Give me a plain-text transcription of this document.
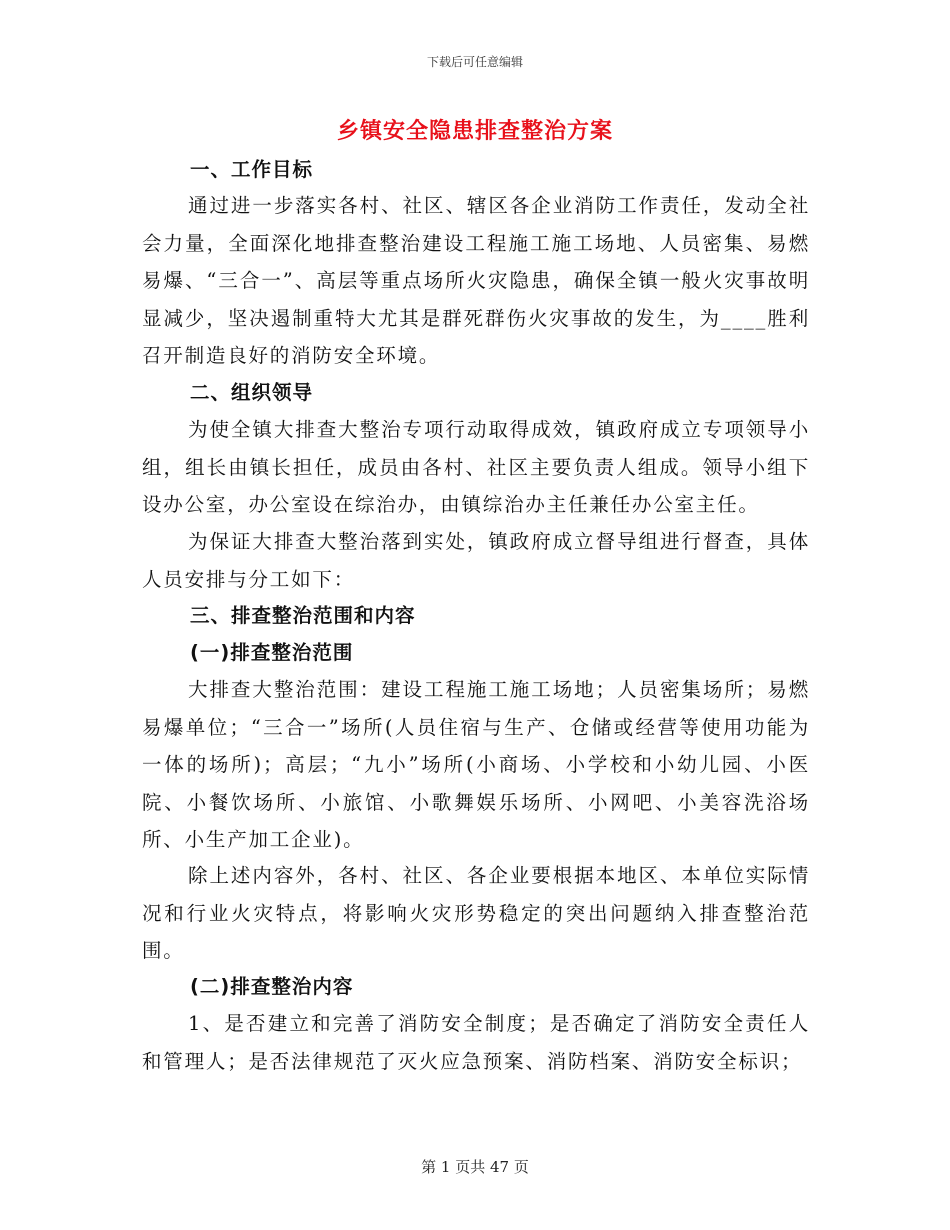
下载后可任意编辑
乡镇安全隐患排查整治方案
一、工作目标
通过进一步落实各村、社区、辖区各企业消防工作责任，发动全社会力量，全面深化地排查整治建设工程施工施工场地、人员密集、易燃易爆、“三合一”、高层等重点场所火灾隐患，确保全镇一般火灾事故明显减少，坚决遏制重特大尤其是群死群伤火灾事故的发生，为____胜利召开制造良好的消防安全环境。
二、组织领导
为使全镇大排查大整治专项行动取得成效，镇政府成立专项领导小组，组长由镇长担任，成员由各村、社区主要负责人组成。领导小组下设办公室，办公室设在综治办，由镇综治办主任兼任办公室主任。
为保证大排查大整治落到实处，镇政府成立督导组进行督查，具体人员安排与分工如下：
三、排查整治范围和内容
(一)排查整治范围
大排查大整治范围：建设工程施工施工场地；人员密集场所；易燃易爆单位；“三合一”场所(人员住宿与生产、仓储或经营等使用功能为一体的场所)；高层；“九小”场所(小商场、小学校和小幼儿园、小医院、小餐饮场所、小旅馆、小歌舞娱乐场所、小网吧、小美容洗浴场所、小生产加工企业)。
除上述内容外，各村、社区、各企业要根据本地区、本单位实际情况和行业火灾特点，将影响火灾形势稳定的突出问题纳入排查整治范围。
(二)排查整治内容
1、是否建立和完善了消防安全制度；是否确定了消防安全责任人和管理人；是否法律规范了灭火应急预案、消防档案、消防安全标识；
第 1 页共 47 页
